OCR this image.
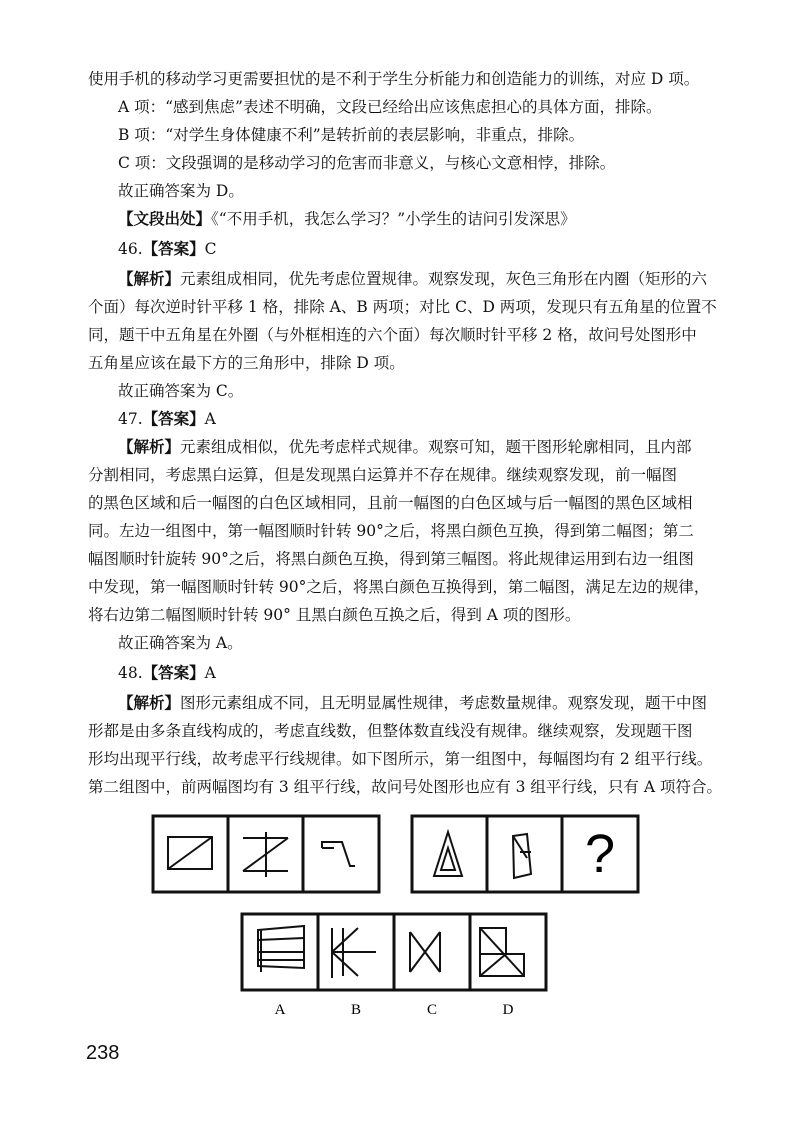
使用手机的移动学习更需要担忧的是不利于学生分析能力和创造能力的训练，对应 D 项。
A 项：“感到焦虑”表述不明确，文段已经给出应该焦虑担心的具体方面，排除。
B 项：“对学生身体健康不利”是转折前的表层影响，非重点，排除。
C 项：文段强调的是移动学习的危害而非意义，与核心文意相悖，排除。
故正确答案为 D。
【文段出处】《“不用手机，我怎么学习？”小学生的诘问引发深思》
46.【答案】C
【解析】元素组成相同，优先考虑位置规律。观察发现，灰色三角形在内圈（矩形的六
个面）每次逆时针平移 1 格，排除 A、B 两项；对比 C、D 两项，发现只有五角星的位置不
同，题干中五角星在外圈（与外框相连的六个面）每次顺时针平移 2 格，故问号处图形中
五角星应该在最下方的三角形中，排除 D 项。
故正确答案为 C。
47.【答案】A
【解析】元素组成相似，优先考虑样式规律。观察可知，题干图形轮廓相同，且内部
分割相同，考虑黑白运算，但是发现黑白运算并不存在规律。继续观察发现，前一幅图
的黑色区域和后一幅图的白色区域相同，且前一幅图的白色区域与后一幅图的黑色区域相
同。左边一组图中，第一幅图顺时针转 90°之后，将黑白颜色互换，得到第二幅图；第二
幅图顺时针旋转 90°之后，将黑白颜色互换，得到第三幅图。将此规律运用到右边一组图
中发现，第一幅图顺时针转 90°之后，将黑白颜色互换得到，第二幅图，满足左边的规律，
将右边第二幅图顺时针转 90° 且黑白颜色互换之后，得到 A 项的图形。
故正确答案为 A。
48.【答案】A
【解析】图形元素组成不同，且无明显属性规律，考虑数量规律。观察发现，题干中图
形都是由多条直线构成的，考虑直线数，但整体数直线没有规律。继续观察，发现题干图
形均出现平行线，故考虑平行线规律。如下图所示，第一组图中，每幅图均有 2 组平行线。
第二组图中，前两幅图均有 3 组平行线，故问号处图形也应有 3 组平行线，只有 A 项符合。
?
A	B	C	D
238
